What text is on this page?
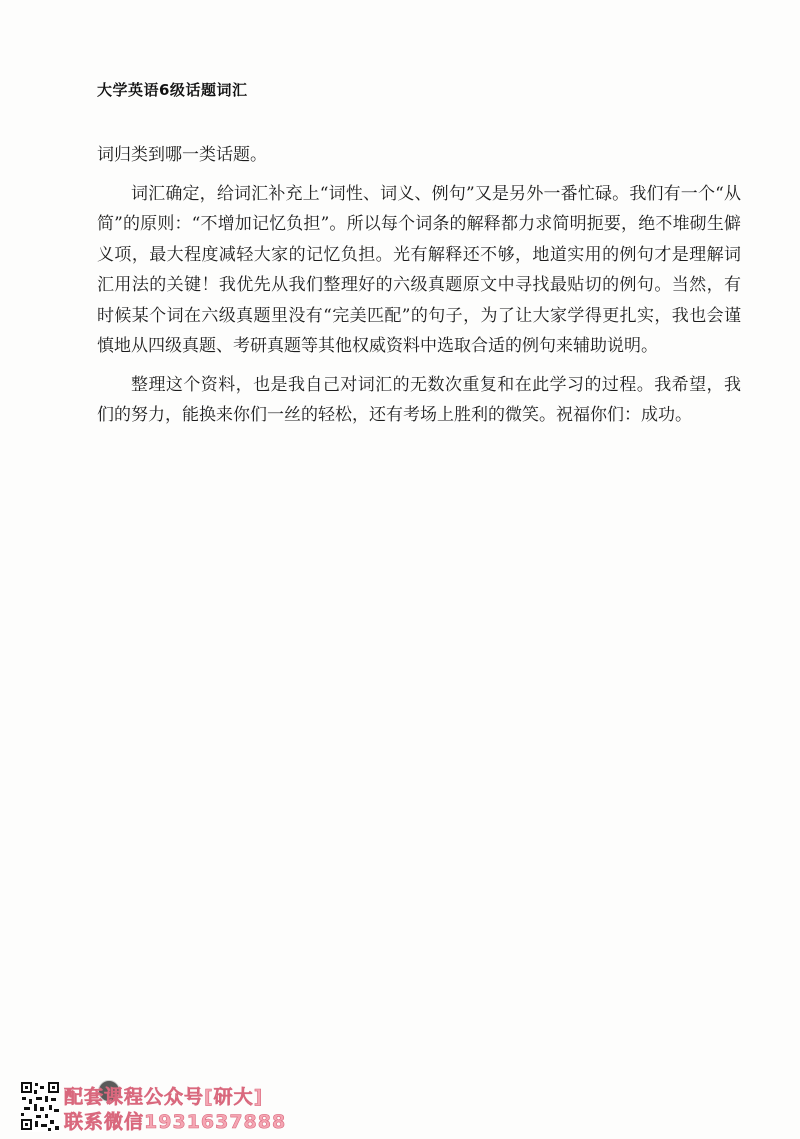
大学英语6级话题词汇

词归类到哪一类话题。

词汇确定，给词汇补充上“词性、词义、例句”又是另外一番忙碌。我们有一个“从简”的原则：“不增加记忆负担”。所以每个词条的解释都力求简明扼要，绝不堆砌生僻义项，最大程度减轻大家的记忆负担。光有解释还不够，地道实用的例句才是理解词汇用法的关键！我优先从我们整理好的六级真题原文中寻找最贴切的例句。当然，有时候某个词在六级真题里没有“完美匹配”的句子，为了让大家学得更扎实，我也会谨慎地从四级真题、考研真题等其他权威资料中选取合适的例句来辅助说明。

整理这个资料，也是我自己对词汇的无数次重复和在此学习的过程。我希望，我们的努力，能换来你们一丝的轻松，还有考场上胜利的微笑。祝福你们：成功。

配套课程公众号[研大]
联系微信1931637888
